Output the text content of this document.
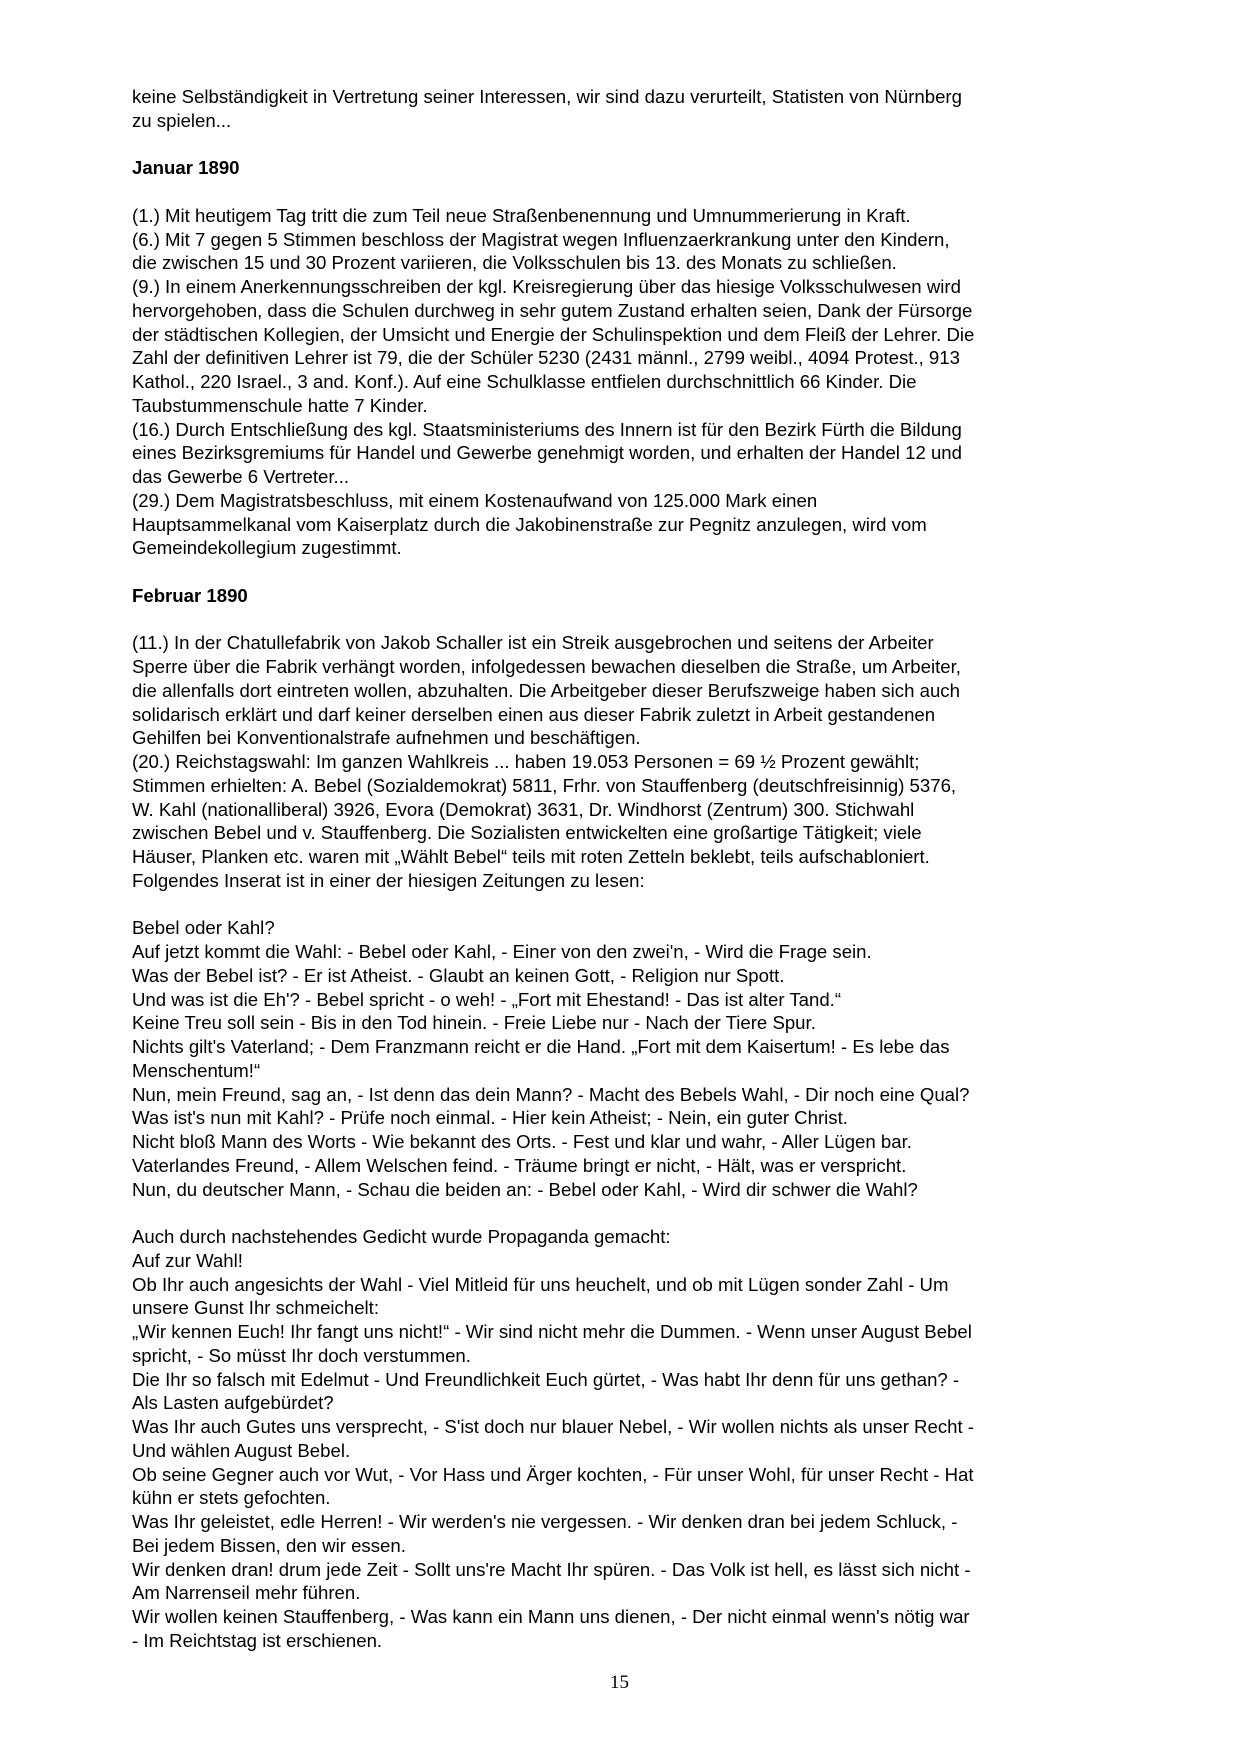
keine Selbständigkeit in Vertretung seiner Interessen, wir sind dazu verurteilt, Statisten von Nürnberg
zu spielen...

Januar 1890

(1.) Mit heutigem Tag tritt die zum Teil neue Straßenbenennung und Umnummerierung in Kraft.
(6.) Mit 7 gegen 5 Stimmen beschloss der Magistrat wegen Influenzaerkrankung unter den Kindern,
die zwischen 15 und 30 Prozent variieren, die Volksschulen bis 13. des Monats zu schließen.
(9.) In einem Anerkennungsschreiben der kgl. Kreisregierung über das hiesige Volksschulwesen wird
hervorgehoben, dass die Schulen durchweg in sehr gutem Zustand erhalten seien, Dank der Fürsorge
der städtischen Kollegien, der Umsicht und Energie der Schulinspektion und dem Fleiß der Lehrer. Die
Zahl der definitiven Lehrer ist 79, die der Schüler 5230 (2431 männl., 2799 weibl., 4094 Protest., 913
Kathol., 220 Israel., 3 and. Konf.). Auf eine Schulklasse entfielen durchschnittlich 66 Kinder. Die
Taubstummenschule hatte 7 Kinder.
(16.) Durch Entschließung des kgl. Staatsministeriums des Innern ist für den Bezirk Fürth die Bildung
eines Bezirksgremiums für Handel und Gewerbe genehmigt worden, und erhalten der Handel 12 und
das Gewerbe 6 Vertreter...
(29.) Dem Magistratsbeschluss, mit einem Kostenaufwand von 125.000 Mark einen
Hauptsammelkanal vom Kaiserplatz durch die Jakobinenstraße zur Pegnitz anzulegen, wird vom
Gemeindekollegium zugestimmt.

Februar 1890

(11.) In der Chatullefabrik von Jakob Schaller ist ein Streik ausgebrochen und seitens der Arbeiter
Sperre über die Fabrik verhängt worden, infolgedessen bewachen dieselben die Straße, um Arbeiter,
die allenfalls dort eintreten wollen, abzuhalten. Die Arbeitgeber dieser Berufszweige haben sich auch
solidarisch erklärt und darf keiner derselben einen aus dieser Fabrik zuletzt in Arbeit gestandenen
Gehilfen bei Konventionalstrafe aufnehmen und beschäftigen.
(20.) Reichstagswahl: Im ganzen Wahlkreis ... haben 19.053 Personen = 69 ½ Prozent gewählt;
Stimmen erhielten: A. Bebel (Sozialdemokrat) 5811, Frhr. von Stauffenberg (deutschfreisinnig) 5376,
W. Kahl (nationalliberal) 3926, Evora (Demokrat) 3631, Dr. Windhorst (Zentrum) 300. Stichwahl
zwischen Bebel und v. Stauffenberg. Die Sozialisten entwickelten eine großartige Tätigkeit; viele
Häuser, Planken etc. waren mit „Wählt Bebel“ teils mit roten Zetteln beklebt, teils aufschabloniert.
Folgendes Inserat ist in einer der hiesigen Zeitungen zu lesen:

Bebel oder Kahl?
Auf jetzt kommt die Wahl: - Bebel oder Kahl, - Einer von den zwei'n, - Wird die Frage sein.
Was der Bebel ist? - Er ist Atheist. - Glaubt an keinen Gott, - Religion nur Spott.
Und was ist die Eh'? - Bebel spricht - o weh! - „Fort mit Ehestand! - Das ist alter Tand.“
Keine Treu soll sein - Bis in den Tod hinein. - Freie Liebe nur - Nach der Tiere Spur.
Nichts gilt's Vaterland; - Dem Franzmann reicht er die Hand. „Fort mit dem Kaisertum! - Es lebe das
Menschentum!“
Nun, mein Freund, sag an, - Ist denn das dein Mann? - Macht des Bebels Wahl, - Dir noch eine Qual?
Was ist's nun mit Kahl? - Prüfe noch einmal. - Hier kein Atheist; - Nein, ein guter Christ.
Nicht bloß Mann des Worts - Wie bekannt des Orts. - Fest und klar und wahr, - Aller Lügen bar.
Vaterlandes Freund, - Allem Welschen feind. - Träume bringt er nicht, - Hält, was er verspricht.
Nun, du deutscher Mann, - Schau die beiden an: - Bebel oder Kahl, - Wird dir schwer die Wahl?

Auch durch nachstehendes Gedicht wurde Propaganda gemacht:
Auf zur Wahl!
Ob Ihr auch angesichts der Wahl - Viel Mitleid für uns heuchelt, und ob mit Lügen sonder Zahl - Um
unsere Gunst Ihr schmeichelt:
„Wir kennen Euch! Ihr fangt uns nicht!“ - Wir sind nicht mehr die Dummen. - Wenn unser August Bebel
spricht, - So müsst Ihr doch verstummen.
Die Ihr so falsch mit Edelmut - Und Freundlichkeit Euch gürtet, - Was habt Ihr denn für uns gethan? -
Als Lasten aufgebürdet?
Was Ihr auch Gutes uns versprecht, - S'ist doch nur blauer Nebel, - Wir wollen nichts als unser Recht -
Und wählen August Bebel.
Ob seine Gegner auch vor Wut, - Vor Hass und Ärger kochten, - Für unser Wohl, für unser Recht - Hat
kühn er stets gefochten.
Was Ihr geleistet, edle Herren! - Wir werden's nie vergessen. - Wir denken dran bei jedem Schluck, -
Bei jedem Bissen, den wir essen.
Wir denken dran! drum jede Zeit - Sollt uns're Macht Ihr spüren. - Das Volk ist hell, es lässt sich nicht -
Am Narrenseil mehr führen.
Wir wollen keinen Stauffenberg, - Was kann ein Mann uns dienen, - Der nicht einmal wenn's nötig war
- Im Reichtstag ist erschienen.
15
